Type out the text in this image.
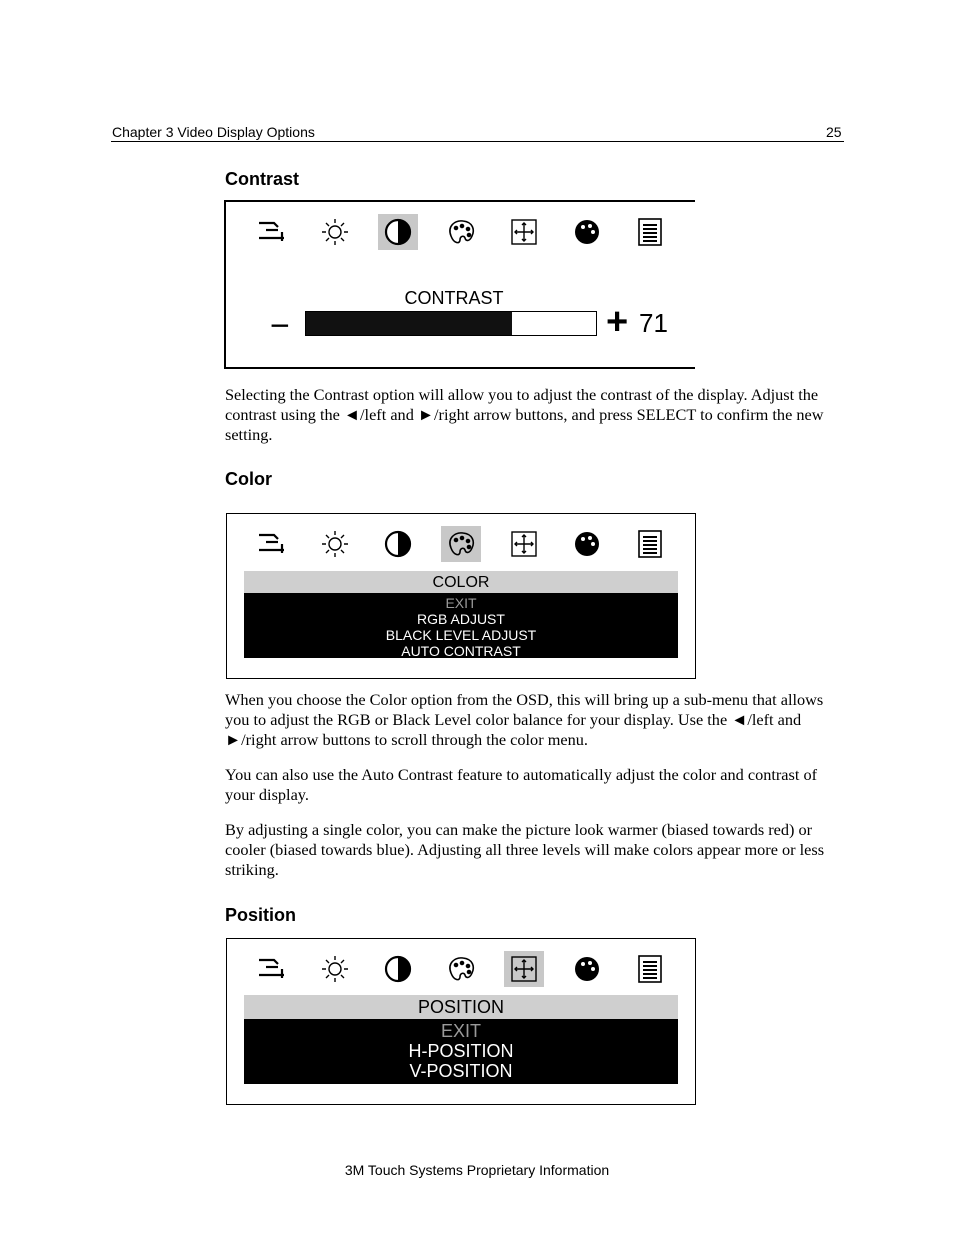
Chapter 3 Video Display Options	25
Contrast
CONTRAST
−	+ 71
Selecting the Contrast option will allow you to adjust the contrast of the display. Adjust the contrast using the ◄/left and ►/right arrow buttons, and press SELECT to confirm the new setting.
Color
COLOR
EXIT
RGB ADJUST
BLACK LEVEL ADJUST
AUTO CONTRAST
When you choose the Color option from the OSD, this will bring up a sub-menu that allows you to adjust the RGB or Black Level color balance for your display. Use the ◄/left and ►/right arrow buttons to scroll through the color menu.
You can also use the Auto Contrast feature to automatically adjust the color and contrast of your display.
By adjusting a single color, you can make the picture look warmer (biased towards red) or cooler (biased towards blue). Adjusting all three levels will make colors appear more or less striking.
Position
POSITION
EXIT
H-POSITION
V-POSITION
3M Touch Systems Proprietary Information
